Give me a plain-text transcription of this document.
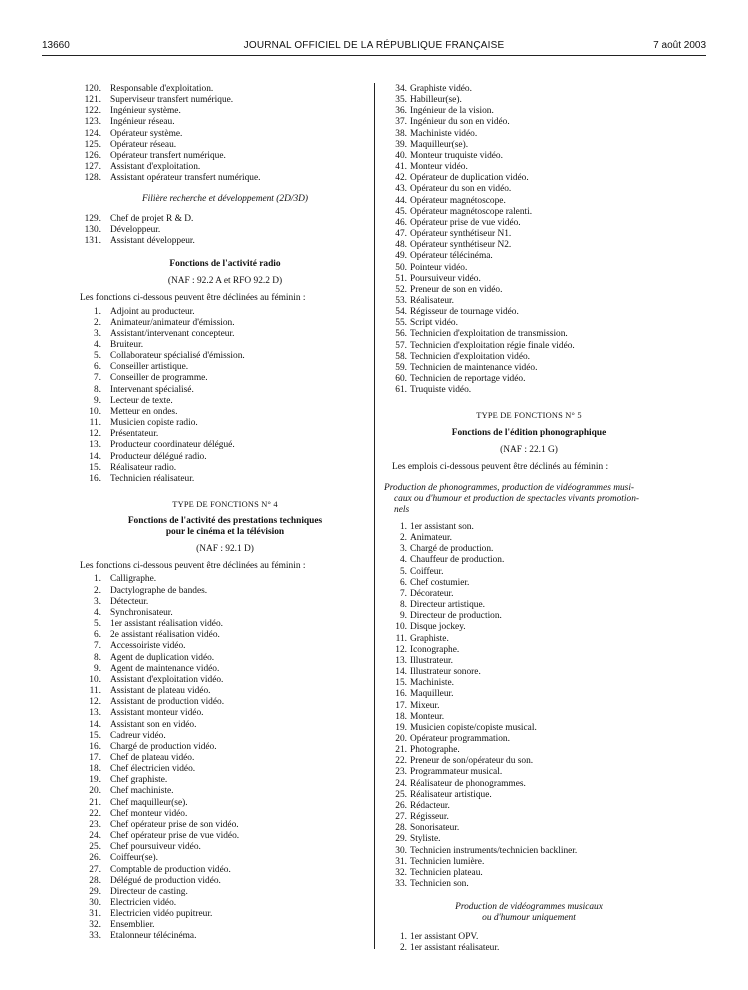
13660	JOURNAL OFFICIEL DE LA RÉPUBLIQUE FRANÇAISE	7 août 2003
120. Responsable d'exploitation.
121. Superviseur transfert numérique.
122. Ingénieur système.
123. Ingénieur réseau.
124. Opérateur système.
125. Opérateur réseau.
126. Opérateur transfert numérique.
127. Assistant d'exploitation.
128. Assistant opérateur transfert numérique.
Filière recherche et développement (2D/3D)
129. Chef de projet R & D.
130. Développeur.
131. Assistant développeur.
Fonctions de l'activité radio
(NAF : 92.2 A et RFO 92.2 D)
Les fonctions ci-dessous peuvent être déclinées au féminin :
1. Adjoint au producteur.
2. Animateur/animateur d'émission.
3. Assistant/intervenant concepteur.
4. Bruiteur.
5. Collaborateur spécialisé d'émission.
6. Conseiller artistique.
7. Conseiller de programme.
8. Intervenant spécialisé.
9. Lecteur de texte.
10. Metteur en ondes.
11. Musicien copiste radio.
12. Présentateur.
13. Producteur coordinateur délégué.
14. Producteur délégué radio.
15. Réalisateur radio.
16. Technicien réalisateur.
TYPE DE FONCTIONS N° 4
Fonctions de l'activité des prestations techniques
pour le cinéma et la télévision
(NAF : 92.1 D)
Les fonctions ci-dessous peuvent être déclinées au féminin :
1. Calligraphe.
2. Dactylographe de bandes.
3. Détecteur.
4. Synchronisateur.
5. 1er assistant réalisation vidéo.
6. 2e assistant réalisation vidéo.
7. Accessoiriste vidéo.
8. Agent de duplication vidéo.
9. Agent de maintenance vidéo.
10. Assistant d'exploitation vidéo.
11. Assistant de plateau vidéo.
12. Assistant de production vidéo.
13. Assistant monteur vidéo.
14. Assistant son en vidéo.
15. Cadreur vidéo.
16. Chargé de production vidéo.
17. Chef de plateau vidéo.
18. Chef électricien vidéo.
19. Chef graphiste.
20. Chef machiniste.
21. Chef maquilleur(se).
22. Chef monteur vidéo.
23. Chef opérateur prise de son vidéo.
24. Chef opérateur prise de vue vidéo.
25. Chef poursuiveur vidéo.
26. Coiffeur(se).
27. Comptable de production vidéo.
28. Délégué de production vidéo.
29. Directeur de casting.
30. Electricien vidéo.
31. Electricien vidéo pupitreur.
32. Ensemblier.
33. Etalonneur télécinéma.
34. Graphiste vidéo.
35. Habilleur(se).
36. Ingénieur de la vision.
37. Ingénieur du son en vidéo.
38. Machiniste vidéo.
39. Maquilleur(se).
40. Monteur truquiste vidéo.
41. Monteur vidéo.
42. Opérateur de duplication vidéo.
43. Opérateur du son en vidéo.
44. Opérateur magnétoscope.
45. Opérateur magnétoscope ralenti.
46. Opérateur prise de vue vidéo.
47. Opérateur synthétiseur N1.
48. Opérateur synthétiseur N2.
49. Opérateur télécinéma.
50. Pointeur vidéo.
51. Poursuiveur vidéo.
52. Preneur de son en vidéo.
53. Réalisateur.
54. Régisseur de tournage vidéo.
55. Script vidéo.
56. Technicien d'exploitation de transmission.
57. Technicien d'exploitation régie finale vidéo.
58. Technicien d'exploitation vidéo.
59. Technicien de maintenance vidéo.
60. Technicien de reportage vidéo.
61. Truquiste vidéo.
TYPE DE FONCTIONS N° 5
Fonctions de l'édition phonographique
(NAF : 22.1 G)
Les emplois ci-dessous peuvent être déclinés au féminin :
Production de phonogrammes, production de vidéogrammes musi-
caux ou d'humour et production de spectacles vivants promotion-
nels
1. 1er assistant son.
2. Animateur.
3. Chargé de production.
4. Chauffeur de production.
5. Coiffeur.
6. Chef costumier.
7. Décorateur.
8. Directeur artistique.
9. Directeur de production.
10. Disque jockey.
11. Graphiste.
12. Iconographe.
13. Illustrateur.
14. Illustrateur sonore.
15. Machiniste.
16. Maquilleur.
17. Mixeur.
18. Monteur.
19. Musicien copiste/copiste musical.
20. Opérateur programmation.
21. Photographe.
22. Preneur de son/opérateur du son.
23. Programmateur musical.
24. Réalisateur de phonogrammes.
25. Réalisateur artistique.
26. Rédacteur.
27. Régisseur.
28. Sonorisateur.
29. Styliste.
30. Technicien instruments/technicien backliner.
31. Technicien lumière.
32. Technicien plateau.
33. Technicien son.
Production de vidéogrammes musicaux
ou d'humour uniquement
1. 1er assistant OPV.
2. 1er assistant réalisateur.
